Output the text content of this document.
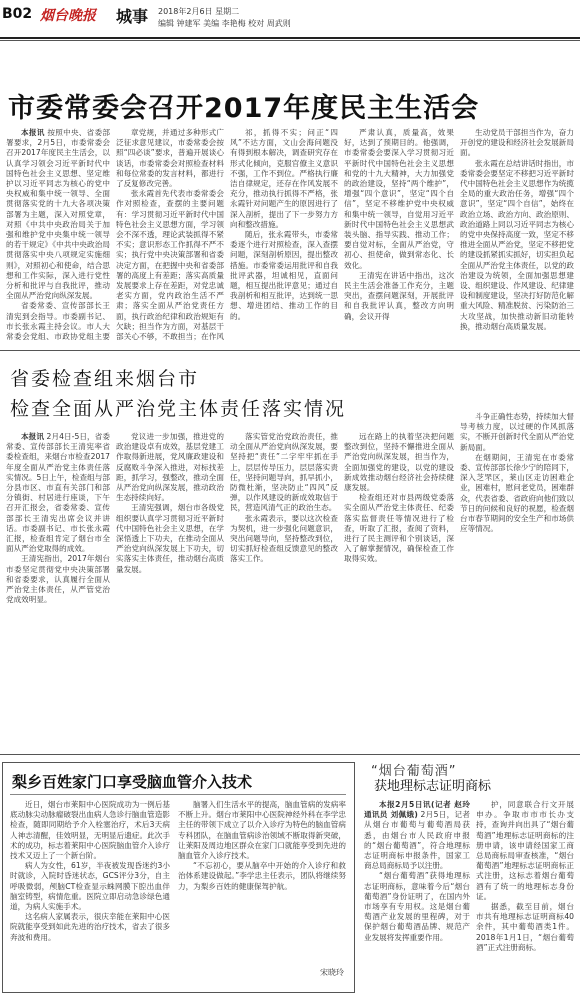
B02 烟台晚报 城事 2018年2月6日 星期二
编辑 钟建军 美编 李艳梅 校对 周武则
市委常委会召开2017年度民主生活会

本报讯 按照中央、省委部署要求，2月5日，市委常委会召开2017年度民主生活会，以认真学习领会习近平新时代中国特色社会主义思想、坚定维护以习近平同志为核心的党中央权威和集中统一领导、全面贯彻落实党的十九大各项决策部署为主题，深入对照党章，对照《中共中央政治局关于加强和维护党中央集中统一领导的若干规定》《中共中央政治局贯彻落实中央八项规定实施细则》，对照初心和使命，结合思想和工作实际，深入进行党性分析和批评与自我批评，推动全面从严治党向纵深发展。

省委常委、宣传部部长王清宪到会指导。市委副书记、市长张永霞主持会议。市人大常委会党组、市政协党组主要

章党规，并通过多种形式广泛征求意见建议，市委常委会按照“四必谈”要求，普遍开展谈心谈话，市委常委会对照检查材料和每位常委的发言材料，都进行了反复修改完善。

张永霞首先代表市委常委会作对照检查，查摆的主要问题有：学习贯彻习近平新时代中国特色社会主义思想方面，学习领会不深不透，理论武装抓得不紧不实；意识形态工作抓得不严不实；执行党中央决策部署和省委决定方面，在把握中央和省委部署的高度上有差距；落实高质量发展要求上存在差距，对党忠诚老实方面，党内政治生活不严肃；落实全面从严治党责任方面，执行政治纪律和政治规矩有欠缺；担当作为方面，对基层干部关心不够，不敢担当；在作风

祁，抓得不实；问正“四风”不达方面，文山会海问题没有得到根本解决，调查研究存在形式化倾向，克服官僚主义意识不强，工作不到位。严格执行廉洁自律规定，还存在作风发展不充分，推动执行抓得不严格，张永霞针对问题产生的原因进行了深入剖析，提出了下一步努力方向和整改措施。

随后，张永霞带头，市委常委逐个进行对照检查，深入查摆问题，深刻剖析原因，提出整改措施。市委常委运用批评和自我批评武器，坦诚相见，直面问题，相互提出批评意见；通过自我剖析和相互批评，达到统一思想、增进团结、推动工作的目的。

严肃认真，质量高，效果好，达到了预期目的。他强调，市委常委会要深入学习贯彻习近平新时代中国特色社会主义思想和党的十九大精神，大力加强党的政治建设，坚持“两个维护”，增强“四个意识”，坚定“四个自信”，坚定不移维护党中央权威和集中统一领导，自觉用习近平新时代中国特色社会主义思想武装头脑、指导实践、推动工作；要自觉对标，全面从严治党，守初心、担使命，做到常态化、长效化。

王清宪在讲话中指出，这次民主生活会准备工作充分，主题突出，查摆问题深刻，开展批评和自我批评认真，整改方向明确，会议开得

生动党员干部担当作为，奋力开创党的建设和经济社会发展新局面。

张永霞在总结讲话时指出，市委常委会要坚定不移把习近平新时代中国特色社会主义思想作为统揽全局的重大政治任务，增强“四个意识”，坚定“四个自信”，始终在政治立场、政治方向、政治原则、政治道路上同以习近平同志为核心的党中央保持高度一致，坚定不移推进全面从严治党，坚定不移把党的建设抓紧抓实抓好，切实担负起全面从严治党主体责任，以党的政治建设为统领，全面加强思想建设、组织建设、作风建设、纪律建设和制度建设，坚决打好防范化解重大风险、精准脱贫、污染防治三大攻坚战，加快推动新旧动能转换，推动烟台高质量发展。

省委检查组来烟台市
检查全面从严治党主体责任落实情况

本报讯 2月4日-5日，省委常委、宣传部部长王清宪率省委检查组，来烟台市检查2017年度全面从严治党主体责任落实情况。5日上午，检查组与部分县市区、市直有关部门和部分镇街、村居进行座谈，下午召开汇报会，省委常委、宣传部部长王清宪出席会议并讲话。市委副书记、市长张永霞汇报，检查组肯定了烟台市全面从严治党取得的成效。

王清宪指出，2017年烟台市委坚定贯彻党中央决策部署和省委要求，认真履行全面从严治党主体责任，从严管党治党成效明显。

党议进一步加强，推进党的政治建设卓有成效，基层党建工作取得新进展，党风廉政建设和反腐败斗争深入推进，对标找差距，抓学习，强整改，推动全面从严治党向纵深发展，推动政治生态持续向好。

王清宪强调，烟台市各级党组织要认真学习贯彻习近平新时代中国特色社会主义思想，在学深悟透上下功夫，在推动全面从严治党向纵深发展上下功夫，切实落实主体责任，推动烟台高质量发展。

落实管党治党政治责任，推动全面从严治党向纵深发展，要坚持把“责任”二字牢牢抓在手上，层层传导压力，层层落实责任，坚持问题导向，抓早抓小，防微杜渐，坚决防止“四风”反弹，以作风建设的新成效取信于民，营造风清气正的政治生态。

张永霞表示，要以这次检查为契机，进一步强化问题意识，突出问题导向，坚持整改到位，切实抓好检查组反馈意见的整改落实工作。

远在路上的执着坚决把问题整改到位，坚持不懈推进全面从严治党向纵深发展，担当作为，全面加强党的建设，以党的建设新成效推动烟台经济社会持续健康发展。

检查组还对市县两级党委落实全面从严治党主体责任、纪委落实监督责任等情况进行了检查，听取了汇报，查阅了资料，进行了民主测评和个别谈话，深入了解掌握情况，确保检查工作取得实效。

斗争正确性态势，持续加大督导考核力度，以过硬的作风抓落实，不断开创新时代全面从严治党新局面。

在烟期间，王清宪在市委常委、宣传部部长徐少宁的陪同下，深入芝罘区，莱山区走访困难企业，困难村，慰问老党员，困难群众，代表省委、省政府向他们致以节日的问候和良好的祝愿，检查烟台市春节期间的安全生产和市场供应等情况。

梨乡百姓家门口享受脑血管介入技术

近日，烟台市莱阳中心医院成功为一例后基底动脉尖动脉瘤破裂出血病人急诊行脑血管造影检查，随即同期给予介入栓塞治疗，术后3天病人神志清醒，佳效明显，无明显后遗症。此次手术的成功，标志着莱阳中心医院脑血管介入诊疗技术又迈上了一个新台阶。

病人为女性，61岁，半夜被发现昏迷约3小时就诊，入院时昏迷状态，GCS评分3分，自主呼吸微弱，颅脑CT检查显示蛛网膜下腔出血伴脑室铸型，病情危重。医院立即启动急诊绿色通道，为病人实施手术。

这名病人家属表示，很庆幸能在莱阳中心医院就能享受到如此先进的治疗技术，省去了很多奔波和费用。

脑署入们生活水平的提高，脑血管病的发病率不断上升。烟台市莱阳中心医院神经外科在李学忠主任的带领下成立了以介入诊疗为特色的脑血管病专科团队，在脑血管病诊治领域不断取得新突破，让莱阳及周边地区群众在家门口就能享受到先进的脑血管介入诊疗技术。

“不忘初心，要从脑卒中开始的介入诊疗和救治体系建设做起。”李学忠主任表示，团队将继续努力，为梨乡百姓的健康保驾护航。

宋晓玲
“烟台葡萄酒”
获地理标志证明商标

本报2月5日讯(记者 赵玲 通讯员 刘佩娥) 2月5日，记者从烟台市葡萄与葡萄酒局获悉，由烟台市人民政府申报的“烟台葡萄酒”，符合地理标志证明商标申报条件，国家工商总局商标局予以注册。

“烟台葡萄酒”获得地理标志证明商标，意味着今后“烟台葡萄酒”身份证明了，在国内外市场享有专用权。这是烟台葡萄酒产业发展的里程碑，对于保护烟台葡萄酒品牌、规范产业发展将发挥重要作用。

护，同意联合行文开展申办。争取市市市长办支持，查询并向出具了“烟台葡萄酒”地理标志证明商标的注册申请，该申请经国家工商总局商标局审查核准，“烟台葡萄酒”地理标志证明商标正式注册，这标志着烟台葡萄酒有了统一的地理标志身份证。

据悉，截至目前，烟台市共有地理标志证明商标40余件，其中葡萄酒类1件。2018年1月1日，“烟台葡萄酒”正式注册商标。
